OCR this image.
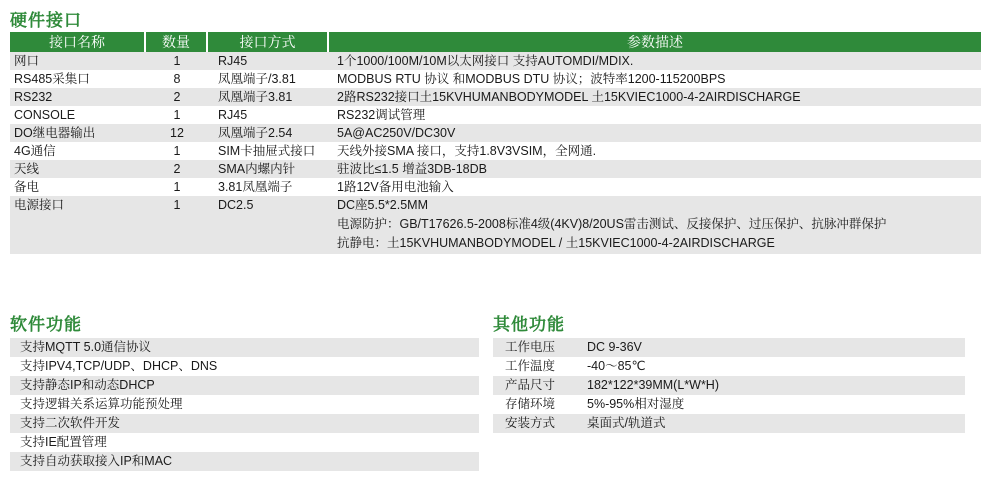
硬件接口
接口名称	数量	接口方式	参数描述
网口	1	RJ45	1个1000/100M/10M以太网接口 支持AUTOMDI/MDIX.
RS485采集口	8	凤凰端子/3.81	MODBUS RTU 协议 和MODBUS DTU 协议；波特率1200-115200BPS
RS232	2	凤凰端子3.81	2路RS232接口土15KVHUMANBODYMODEL 土15KVIEC1000-4-2AIRDISCHARGE
CONSOLE	1	RJ45	RS232调试管理
DO继电器输出	12	凤凰端子2.54	5A@AC250V/DC30V
4G通信	1	SIM卡抽屉式接口	天线外接SMA 接口，支持1.8V3VSIM，全网通.
天线	2	SMA内螺内针	驻波比≤1.5 增益3DB-18DB
备电	1	3.81凤凰端子	1路12V备用电池输入
电源接口	1	DC2.5	DC座5.5*2.5MM
电源防护：GB/T17626.5-2008标准4级(4KV)8/20US雷击测试、反接保护、过压保护、抗脉冲群保护
抗静电：土15KVHUMANBODYMODEL / 土15KVIEC1000-4-2AIRDISCHARGE
软件功能
支持MQTT 5.0通信协议
支持IPV4,TCP/UDP、DHCP、DNS
支持静态IP和动态DHCP
支持逻辑关系运算功能预处理
支持二次软件开发
支持IE配置管理
支持自动获取接入IP和MAC
其他功能
工作电压	DC 9-36V
工作温度	-40～85℃
产品尺寸	182*122*39MM(L*W*H)
存储环境	5%-95%相对湿度
安装方式	桌面式/轨道式
